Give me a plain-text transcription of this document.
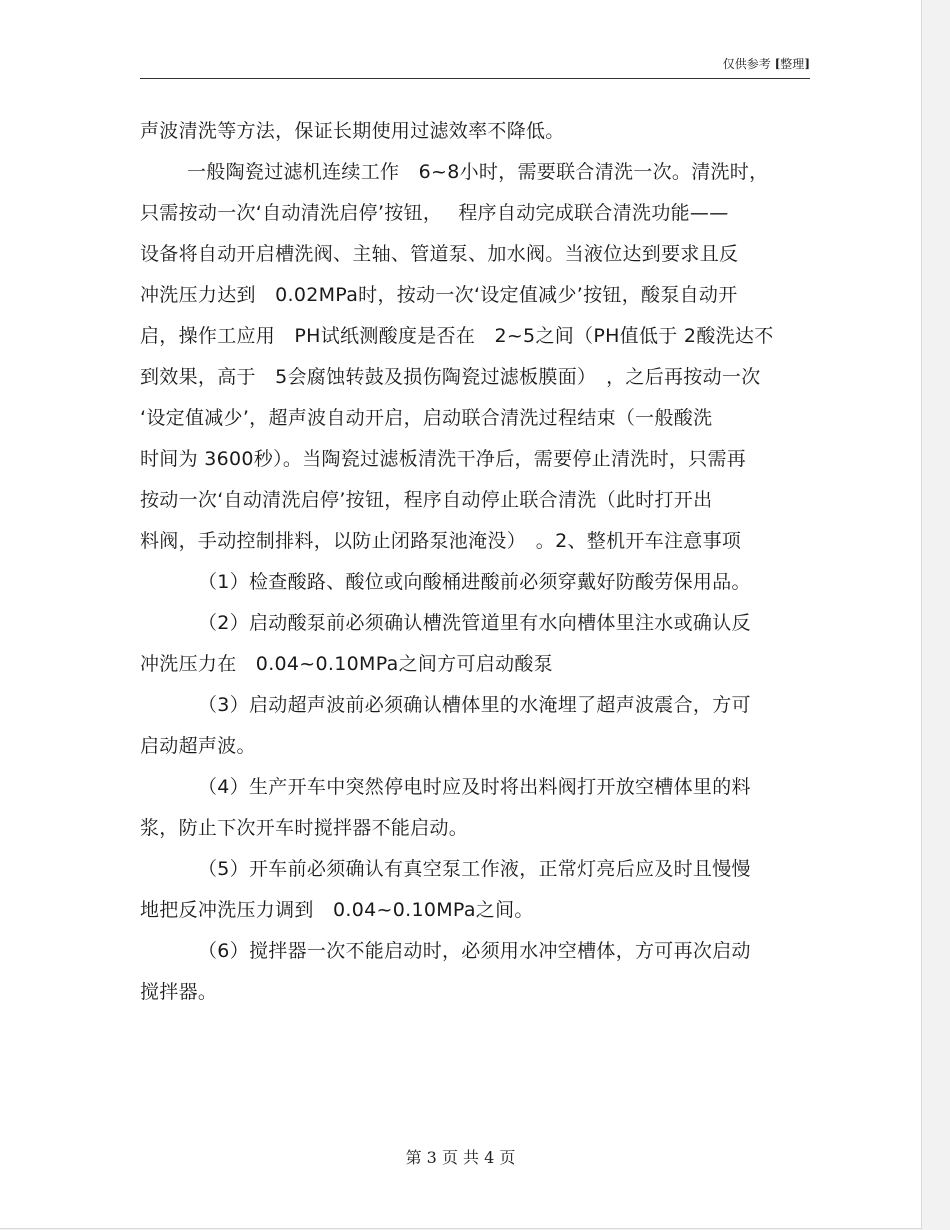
仅供参考 [整理]
声波清洗等方法，保证长期使用过滤效率不降低。
一般陶瓷过滤机连续工作　6~8小时，需要联合清洗一次。清洗时，
只需按动一次‘自动清洗启停’按钮，　 程序自动完成联合清洗功能——
设备将自动开启槽洗阀、主轴、管道泵、加水阀。当液位达到要求且反
冲洗压力达到　0.02MPa时，按动一次‘设定值减少’按钮，酸泵自动开
启，操作工应用　PH试纸测酸度是否在　2~5之间（PH值低于 2酸洗达不
到效果，高于　5会腐蚀转鼓及损伤陶瓷过滤板膜面）　，之后再按动一次
‘设定值减少’，超声波自动开启，启动联合清洗过程结束（一般酸洗
时间为 3600秒）。当陶瓷过滤板清洗干净后，需要停止清洗时，只需再
按动一次‘自动清洗启停’按钮，程序自动停止联合清洗（此时打开出
料阀，手动控制排料，以防止闭路泵池淹没）　。2、整机开车注意事项
（1）检查酸路、酸位或向酸桶进酸前必须穿戴好防酸劳保用品。
（2）启动酸泵前必须确认槽洗管道里有水向槽体里注水或确认反
冲洗压力在　0.04~0.10MPa之间方可启动酸泵
（3）启动超声波前必须确认槽体里的水淹埋了超声波震合，方可
启动超声波。
（4）生产开车中突然停电时应及时将出料阀打开放空槽体里的料
浆，防止下次开车时搅拌器不能启动。
（5）开车前必须确认有真空泵工作液，正常灯亮后应及时且慢慢
地把反冲洗压力调到　0.04~0.10MPa之间。
（6）搅拌器一次不能启动时，必须用水冲空槽体，方可再次启动
搅拌器。
第 3 页 共 4 页
